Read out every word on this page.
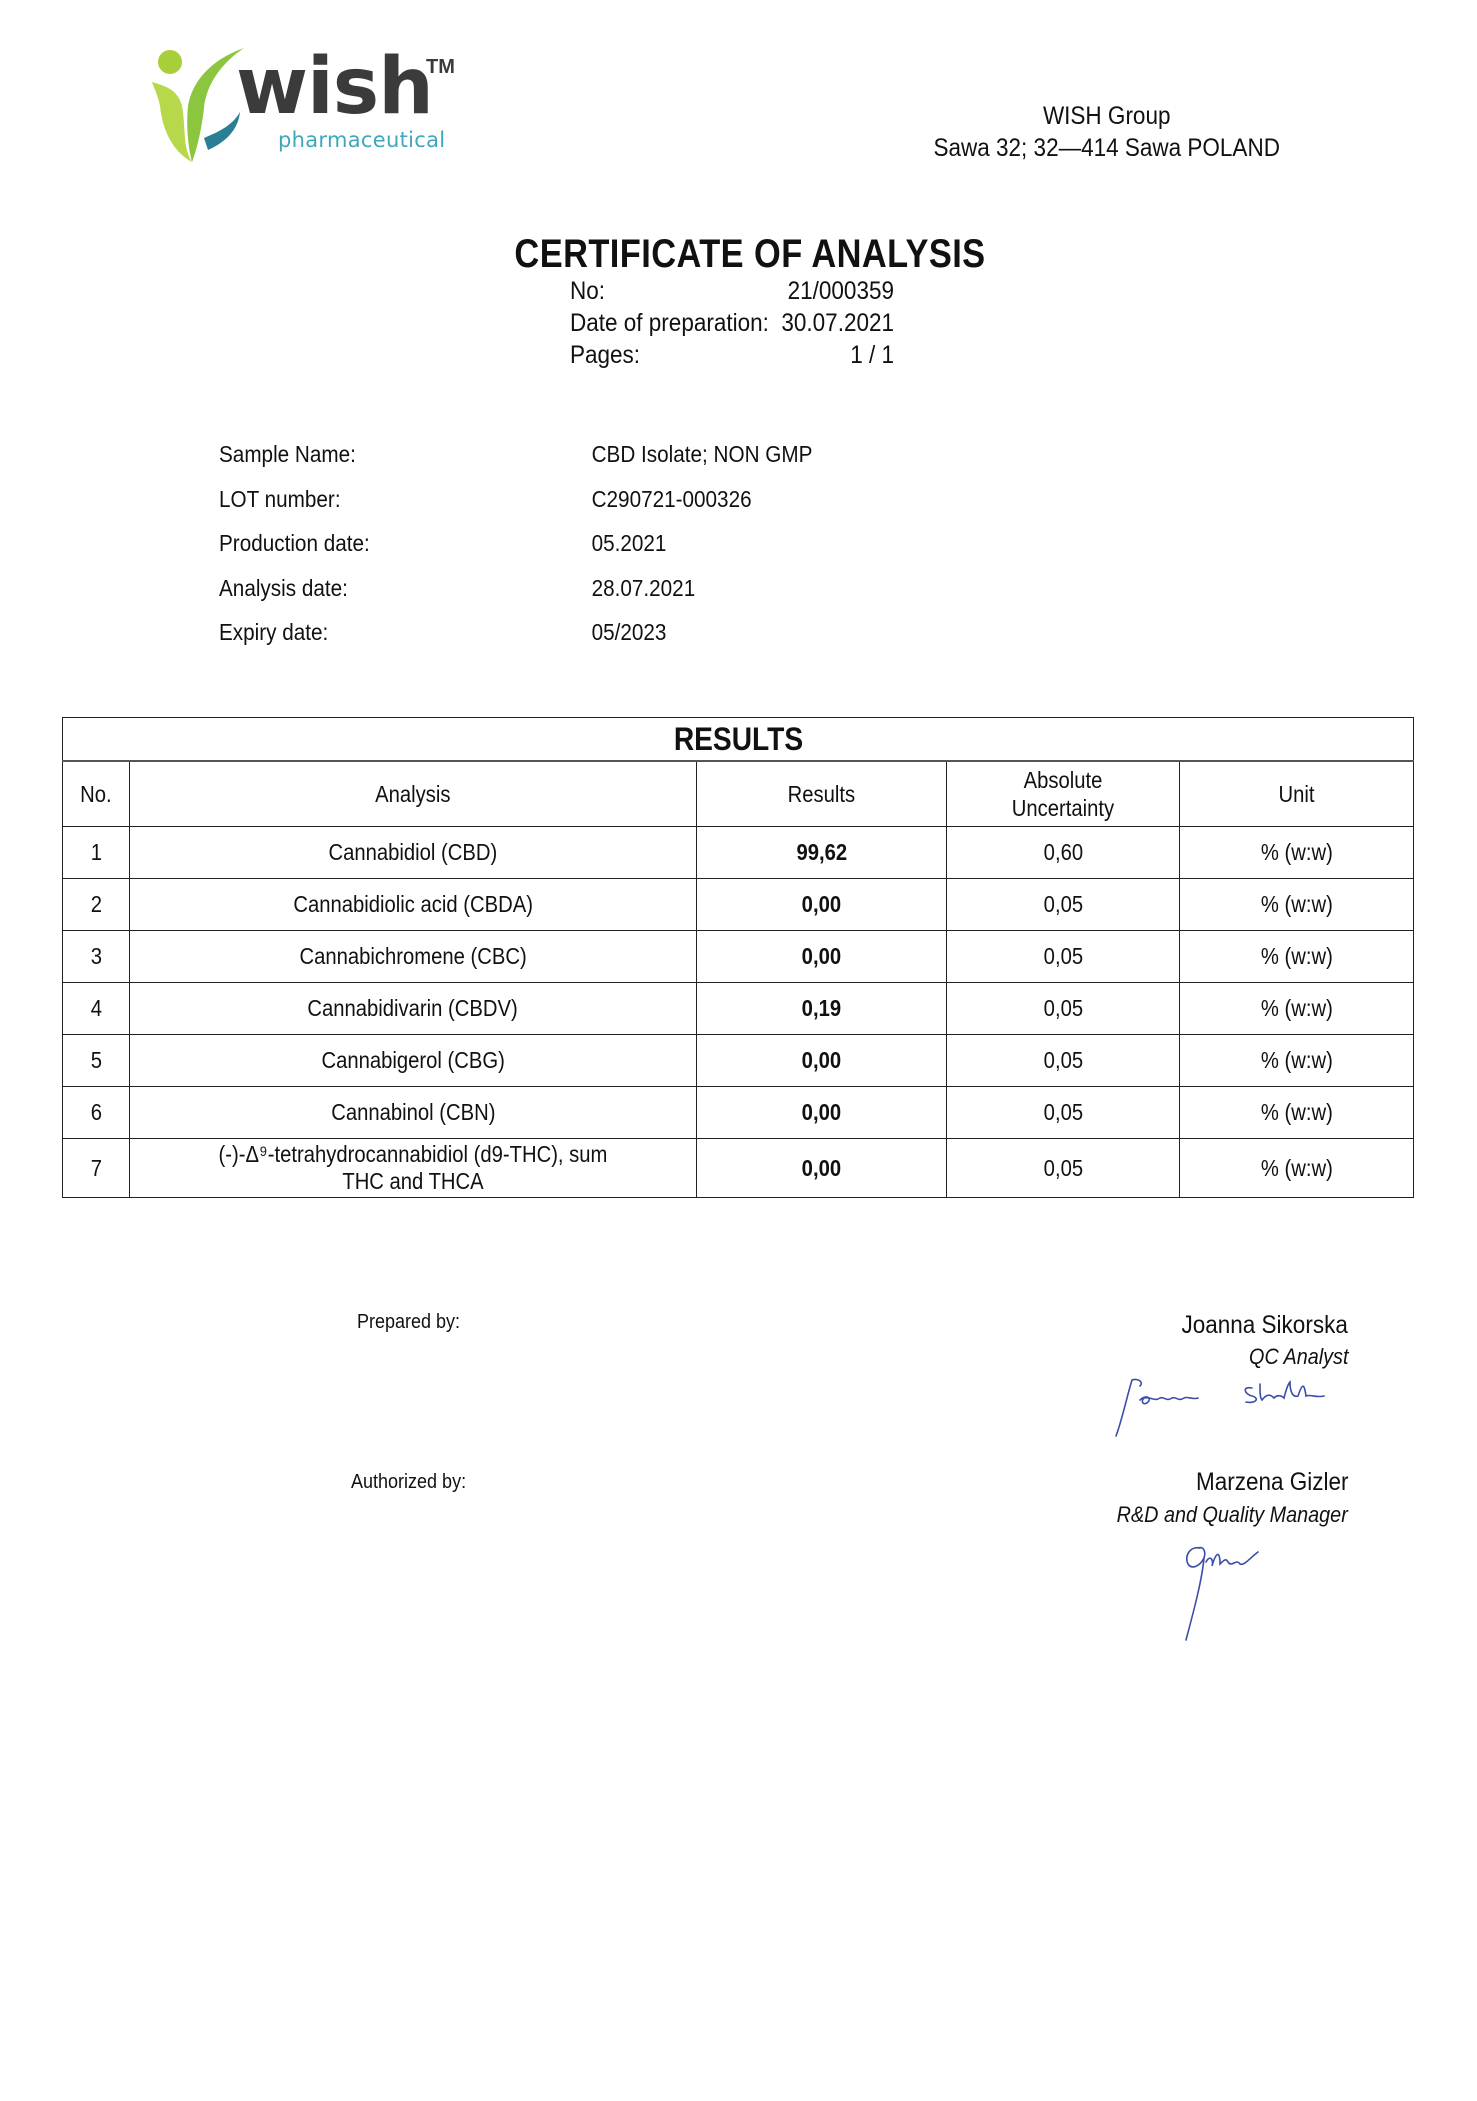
wish
TM
pharmaceutical
WISH Group
Sawa 32; 32—414 Sawa POLAND
CERTIFICATE OF ANALYSIS
No:	21/000359
Date of preparation: 30.07.2021
Pages:	1 / 1
Sample Name:	CBD Isolate; NON GMP
LOT number:	C290721-000326
Production date:	05.2021
Analysis date:	28.07.2021
Expiry date:	05/2023
RESULTS				
No.	Analysis	Results	Absolute Uncertainty	Unit
1	Cannabidiol (CBD)	99,62	0,60	% (w:w)
2	Cannabidiolic acid (CBDA)	0,00	0,05	% (w:w)
3	Cannabichromene (CBC)	0,00	0,05	% (w:w)
4	Cannabidivarin (CBDV)	0,19	0,05	% (w:w)
5	Cannabigerol (CBG)	0,00	0,05	% (w:w)
6	Cannabinol (CBN)	0,00	0,05	% (w:w)
7	(-)-Δ⁹-tetrahydrocannabidiol (d9-THC), sum THC and THCA	0,00	0,05	% (w:w)
Prepared by:	Joanna Sikorska
QC Analyst
Authorized by:	Marzena Gizler
R&D and Quality Manager
